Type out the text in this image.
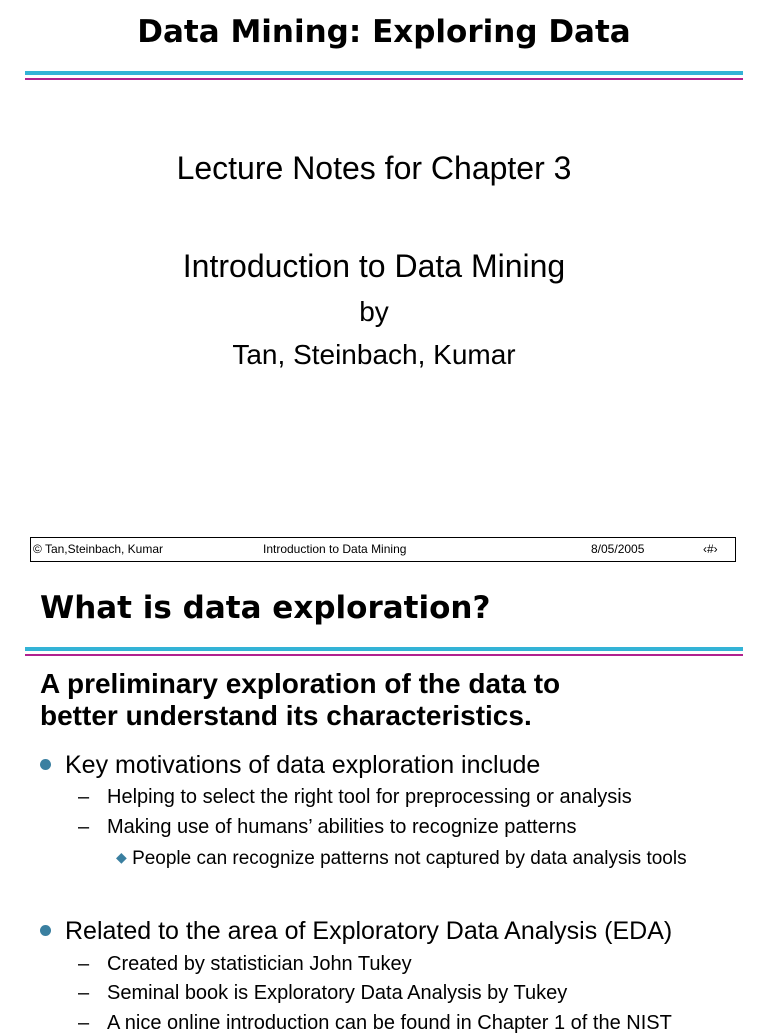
Data Mining: Exploring Data
Lecture Notes for Chapter 3
Introduction to Data Mining
by
Tan, Steinbach, Kumar
© Tan,Steinbach, Kumar	Introduction to Data Mining	8/05/2005	‹#›
What is data exploration?
A preliminary exploration of the data to better understand its characteristics.
Key motivations of data exploration include
– Helping to select the right tool for preprocessing or analysis
– Making use of humans’ abilities to recognize patterns
◆ People can recognize patterns not captured by data analysis tools
Related to the area of Exploratory Data Analysis (EDA)
– Created by statistician John Tukey
– Seminal book is Exploratory Data Analysis by Tukey
– A nice online introduction can be found in Chapter 1 of the NIST
